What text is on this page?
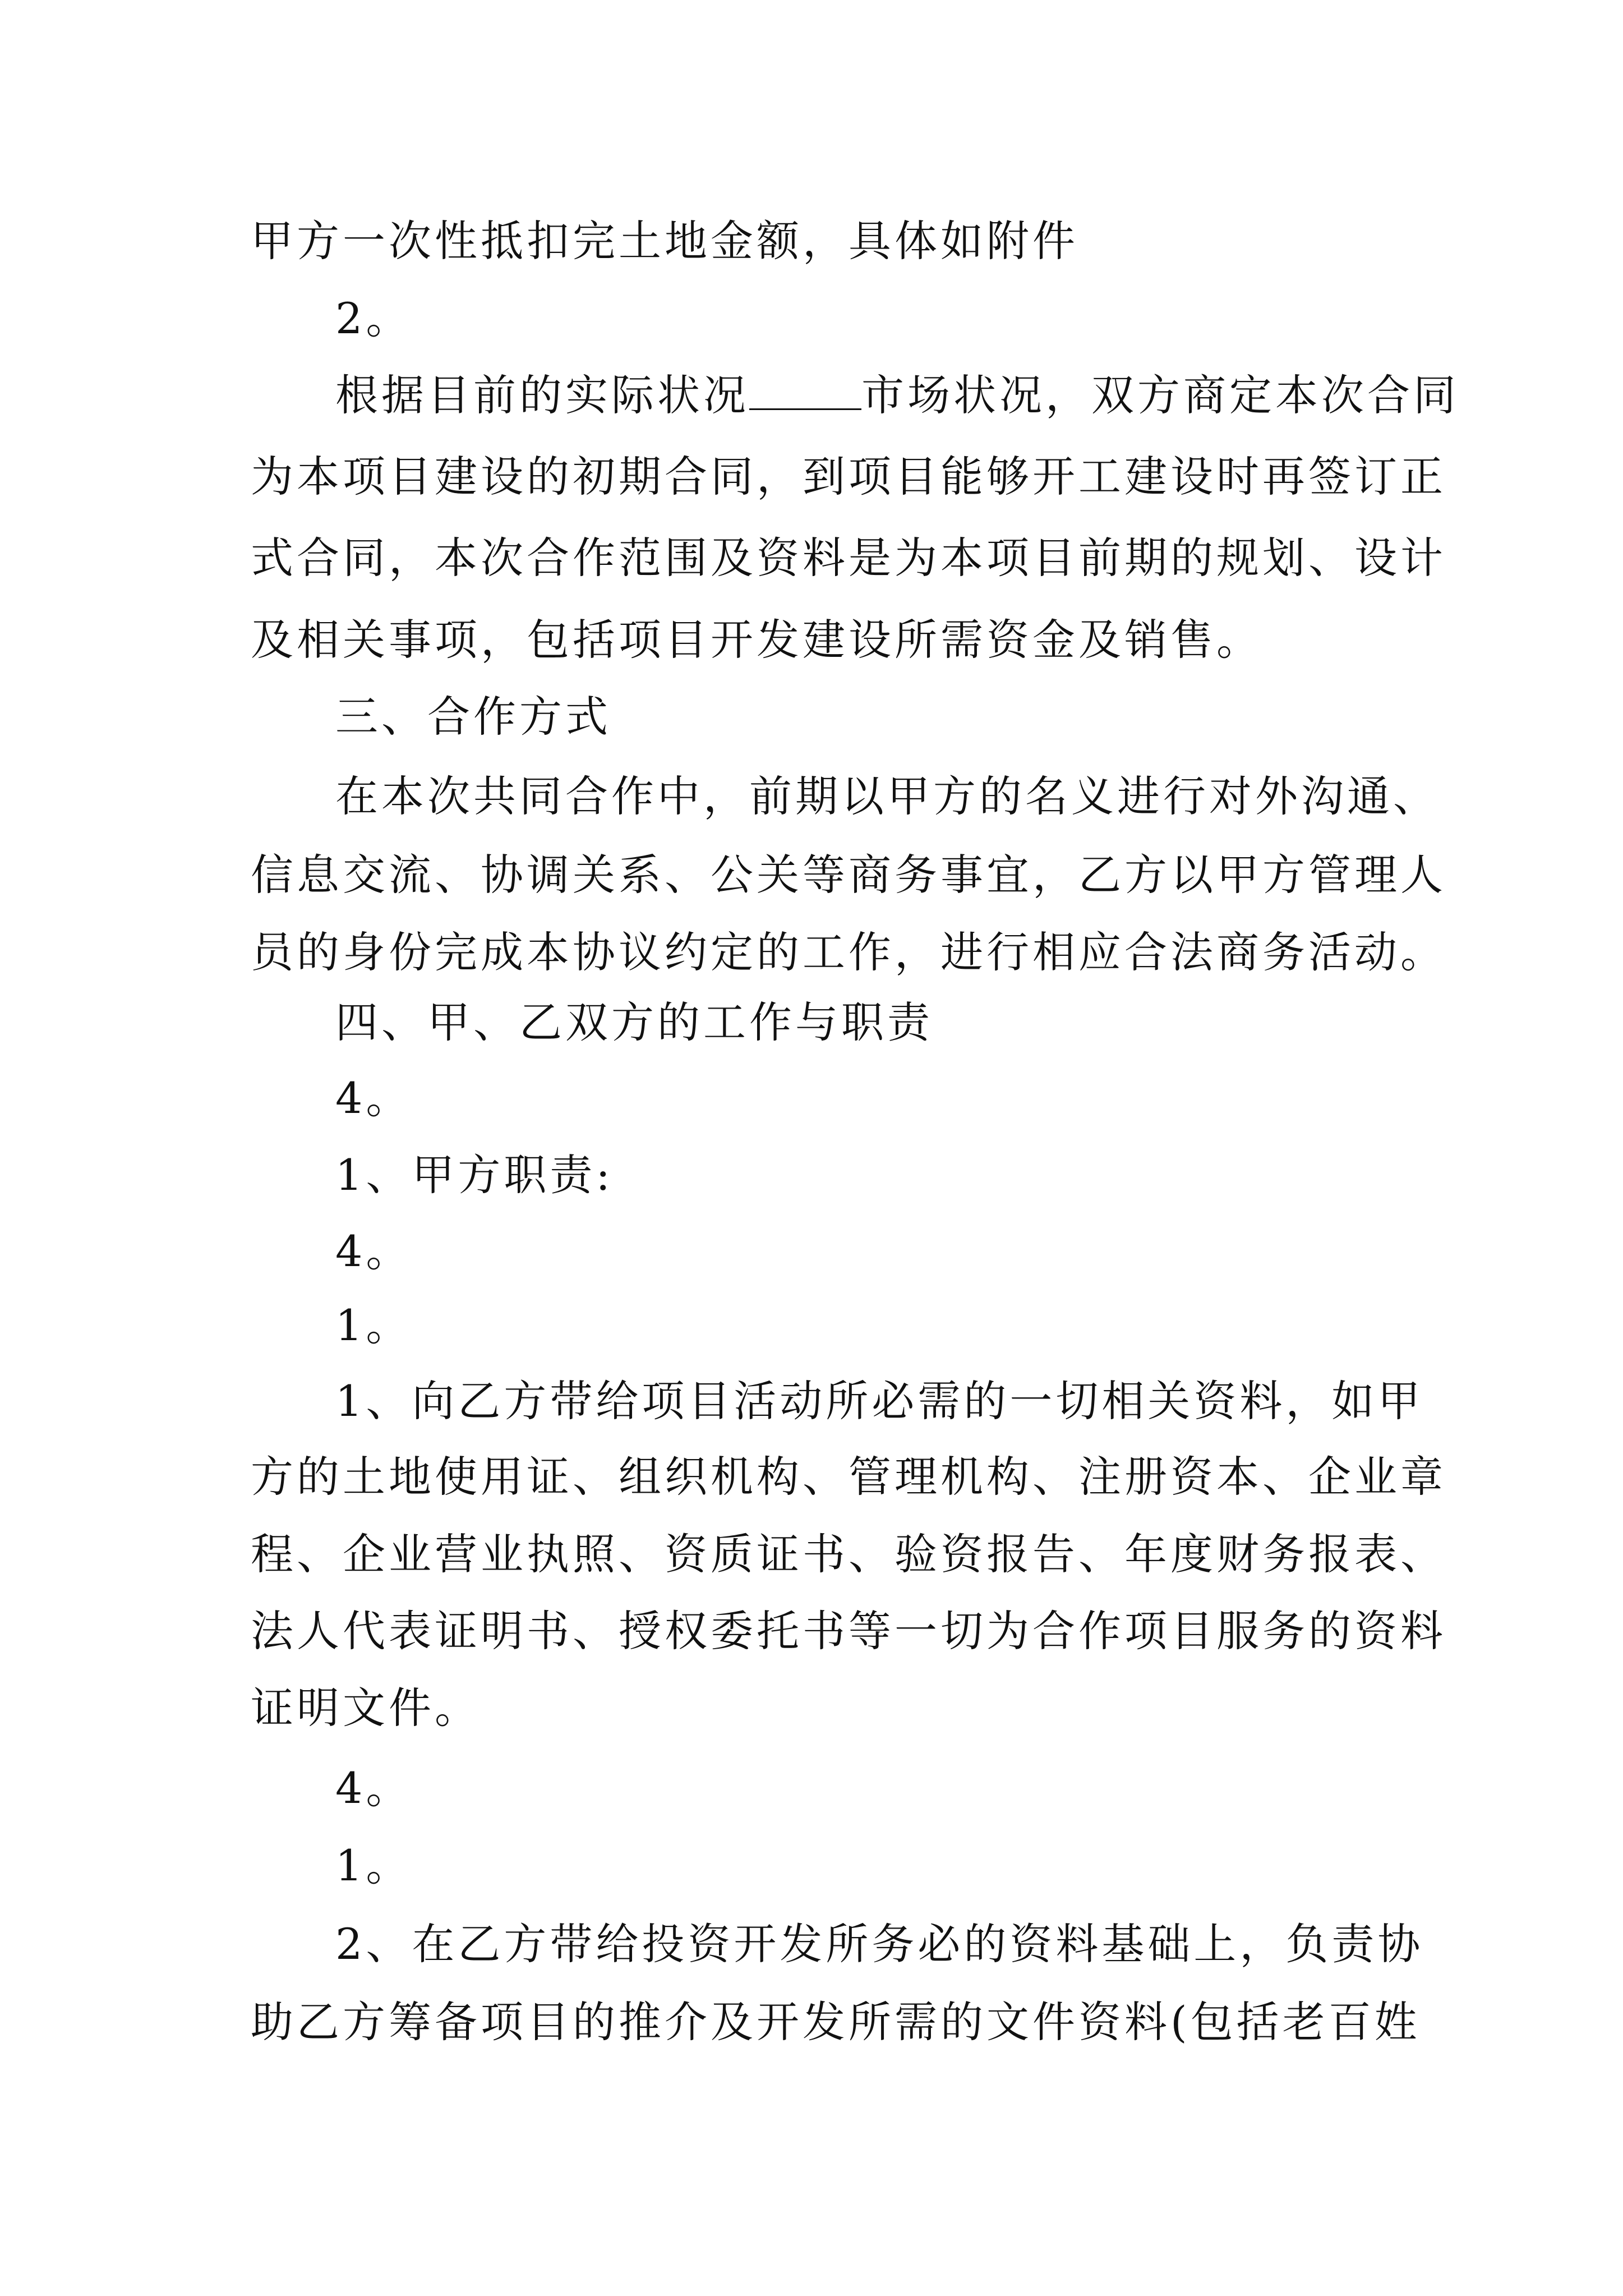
甲方一次性抵扣完土地金额，具体如附件
2。
根据目前的实际状况	市场状况，双方商定本次合同
为本项目建设的初期合同，到项目能够开工建设时再签订正
式合同，本次合作范围及资料是为本项目前期的规划、设计
及相关事项，包括项目开发建设所需资金及销售。
三、合作方式
在本次共同合作中，前期以甲方的名义进行对外沟通、
信息交流、协调关系、公关等商务事宜，乙方以甲方管理人
员的身份完成本协议约定的工作，进行相应合法商务活动。
四、甲、乙双方的工作与职责
4。
1、甲方职责:
4。
1。
1、向乙方带给项目活动所必需的一切相关资料，如甲
方的土地使用证、组织机构、管理机构、注册资本、企业章
程、企业营业执照、资质证书、验资报告、年度财务报表、
法人代表证明书、授权委托书等一切为合作项目服务的资料
证明文件。
4。
1。
2、在乙方带给投资开发所务必的资料基础上，负责协
助乙方筹备项目的推介及开发所需的文件资料(包括老百姓
